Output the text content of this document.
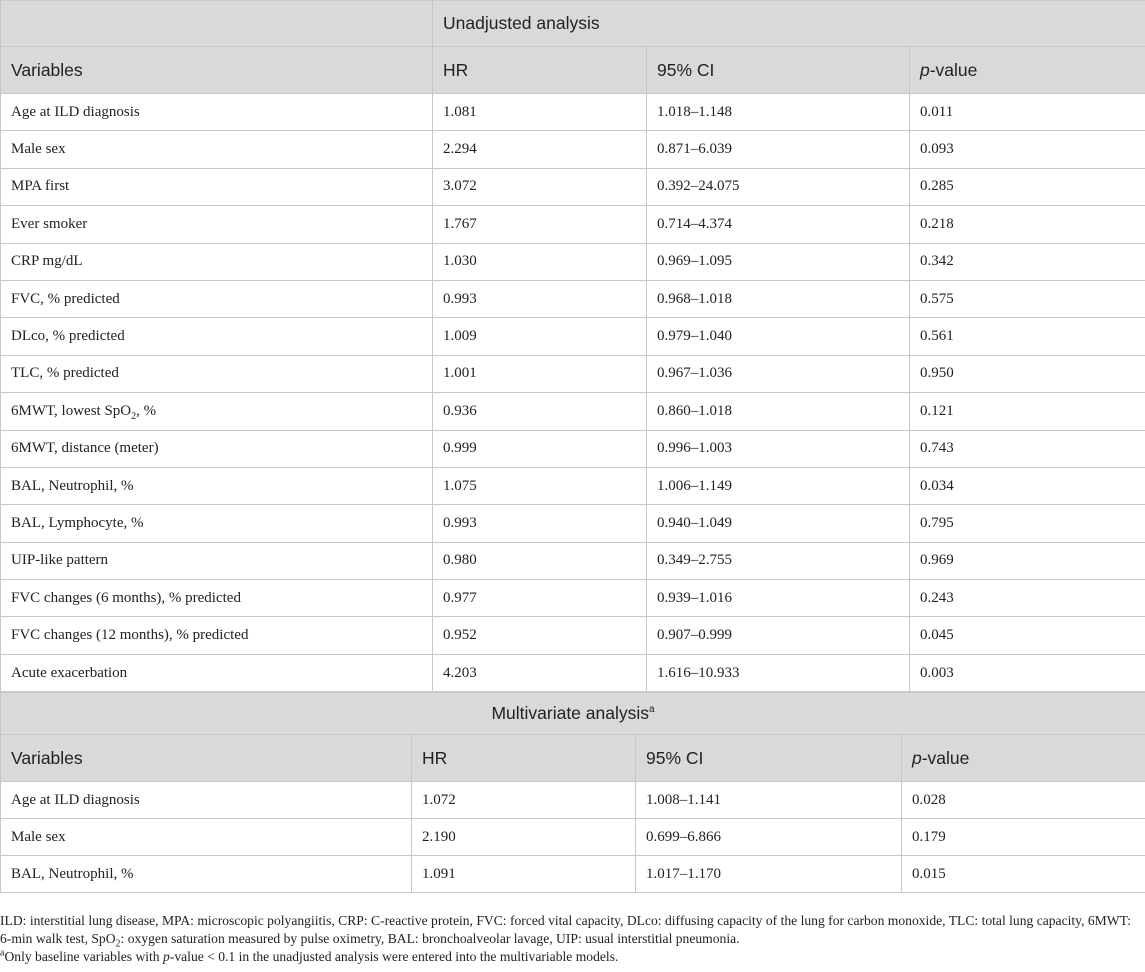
	Unadjusted analysis		
Variables	HR	95% CI	p-value
Age at ILD diagnosis	1.081	1.018–1.148	0.011
Male sex	2.294	0.871–6.039	0.093
MPA first	3.072	0.392–24.075	0.285
Ever smoker	1.767	0.714–4.374	0.218
CRP mg/dL	1.030	0.969–1.095	0.342
FVC, % predicted	0.993	0.968–1.018	0.575
DLco, % predicted	1.009	0.979–1.040	0.561
TLC, % predicted	1.001	0.967–1.036	0.950
6MWT, lowest SpO$_2$, %	0.936	0.860–1.018	0.121
6MWT, distance (meter)	0.999	0.996–1.003	0.743
BAL, Neutrophil, %	1.075	1.006–1.149	0.034
BAL, Lymphocyte, %	0.993	0.940–1.049	0.795
UIP-like pattern	0.980	0.349–2.755	0.969
FVC changes (6 months), % predicted	0.977	0.939–1.016	0.243
FVC changes (12 months), % predicted	0.952	0.907–0.999	0.045
Acute exacerbation	4.203	1.616–10.933	0.003
Multivariate analysis$^a$
Variables	HR	95% CI	p-value
Age at ILD diagnosis	1.072	1.008–1.141	0.028
Male sex	2.190	0.699–6.866	0.179
BAL, Neutrophil, %	1.091	1.017–1.170	0.015

ILD: interstitial lung disease, MPA: microscopic polyangiitis, CRP: C-reactive protein, FVC: forced vital capacity, DLco: diffusing capacity of the lung for carbon monoxide, TLC: total lung capacity, 6MWT: 6-min walk test, SpO$_2$: oxygen saturation measured by pulse oximetry, BAL: bronchoalveolar lavage, UIP: usual interstitial pneumonia.

$^a$Only baseline variables with p-value < 0.1 in the unadjusted analysis were entered into the multivariable models.
